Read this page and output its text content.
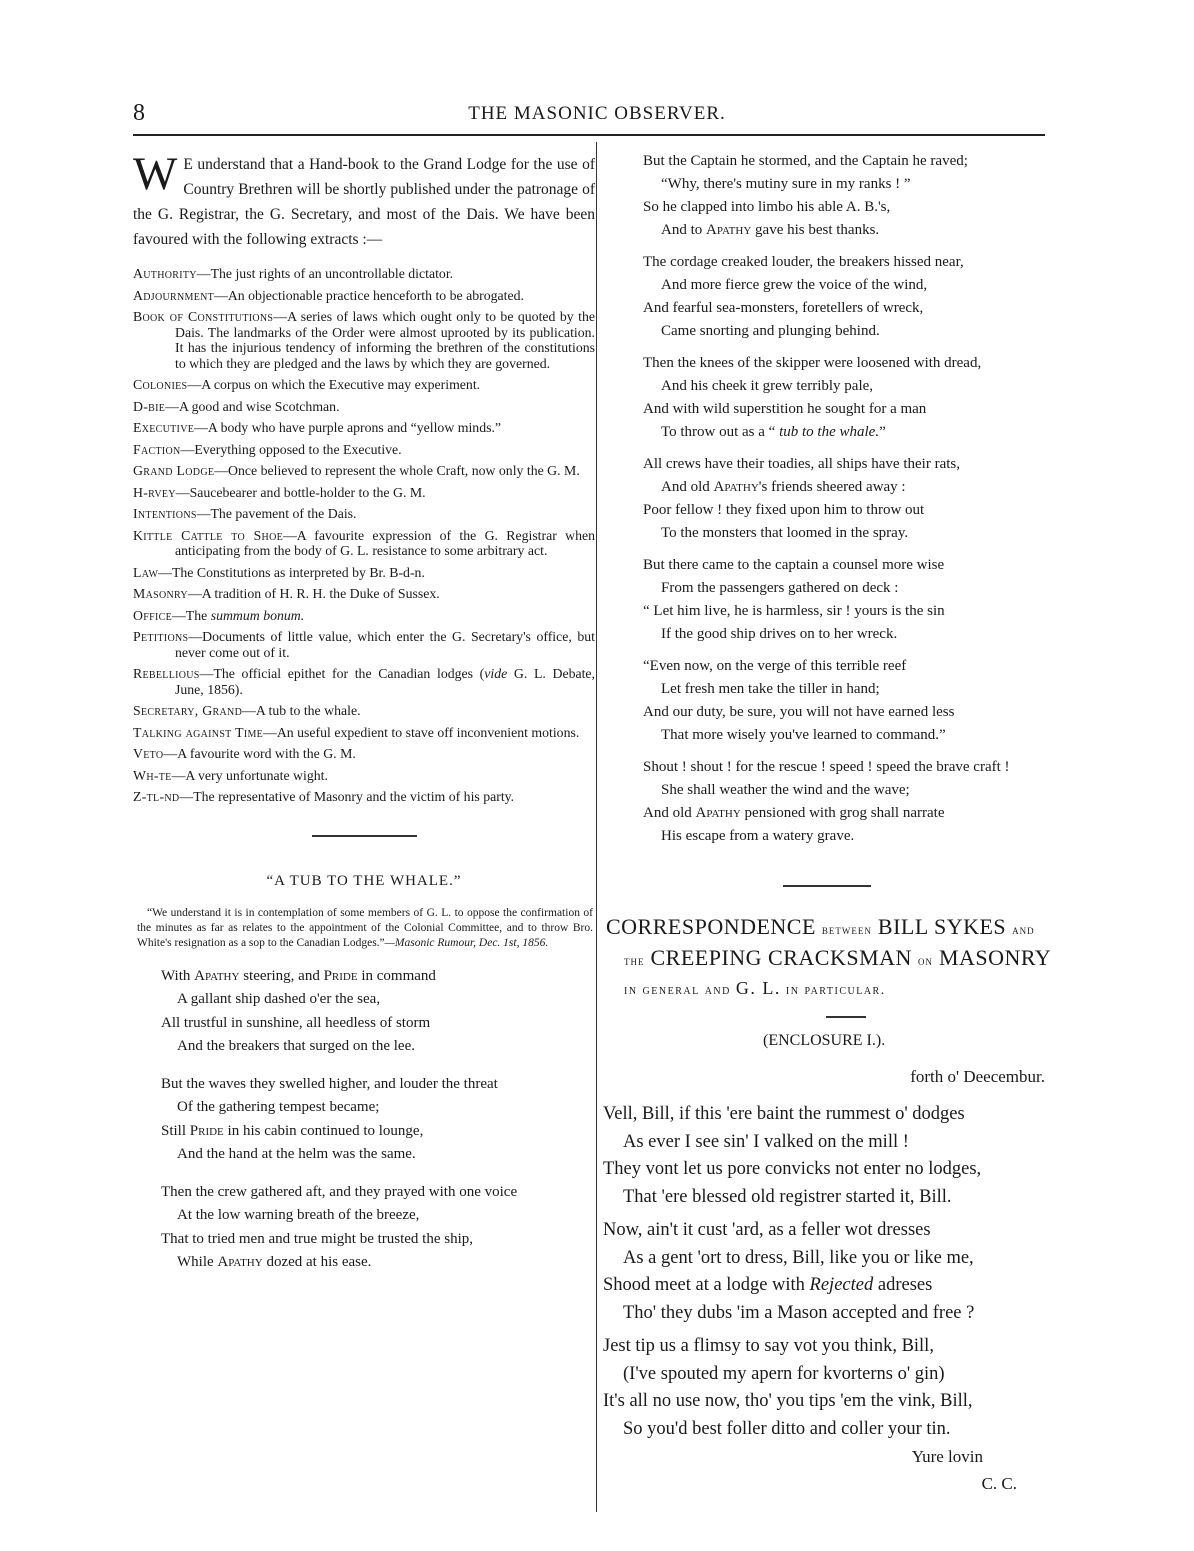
8	THE MASONIC OBSERVER.

W E understand that a Hand-book to the Grand Lodge for the use of Country Brethren will be shortly published under the patronage of the G. Registrar, the G. Secretary, and most of the Dais. We have been favoured with the following extracts :—

Authority—The just rights of an uncontrollable dictator.

Adjournment—An objectionable practice henceforth to be abrogated.

Book of Constitutions—A series of laws which ought only to be quoted by the Dais. The landmarks of the Order were almost uprooted by its publication. It has the injurious tendency of informing the brethren of the constitutions to which they are pledged and the laws by which they are governed.

Colonies—A corpus on which the Executive may experiment.

D-bie—A good and wise Scotchman.

Executive—A body who have purple aprons and “yellow minds.”

Faction—Everything opposed to the Executive.

Grand Lodge—Once believed to represent the whole Craft, now only the G. M.

H-rvey—Saucebearer and bottle-holder to the G. M.

Intentions—The pavement of the Dais.

Kittle Cattle to Shoe—A favourite expression of the G. Registrar when anticipating from the body of G. L. resistance to some arbitrary act.

Law—The Constitutions as interpreted by Br. B-d-n.

Masonry—A tradition of H. R. H. the Duke of Sussex.

Office—The summum bonum.

Petitions—Documents of little value, which enter the G. Secretary's office, but never come out of it.

Rebellious—The official epithet for the Canadian lodges (vide G. L. Debate, June, 1856).

Secretary, Grand—A tub to the whale.

Talking against Time—An useful expedient to stave off inconvenient motions.

Veto—A favourite word with the G. M.

Wh-te—A very unfortunate wight.

Z-tl-nd—The representative of Masonry and the victim of his party.

“A TUB TO THE WHALE.”

“We understand it is in contemplation of some members of G. L. to oppose the confirmation of the minutes as far as relates to the appointment of the Colonial Committee, and to throw Bro. White's resignation as a sop to the Canadian Lodges.”—Masonic Rumour, Dec. 1st, 1856.

With Apathy steering, and Pride in command
A gallant ship dashed o'er the sea,
All trustful in sunshine, all heedless of storm
And the breakers that surged on the lee.
But the waves they swelled higher, and louder the threat
Of the gathering tempest became;
Still Pride in his cabin continued to lounge,
And the hand at the helm was the same.
Then the crew gathered aft, and they prayed with one voice
At the low warning breath of the breeze,
That to tried men and true might be trusted the ship,
While Apathy dozed at his ease.
But the Captain he stormed, and the Captain he raved;
“Why, there's mutiny sure in my ranks ! ”
So he clapped into limbo his able A. B.'s,
And to Apathy gave his best thanks.
The cordage creaked louder, the breakers hissed near,
And more fierce grew the voice of the wind,
And fearful sea-monsters, foretellers of wreck,
Came snorting and plunging behind.
Then the knees of the skipper were loosened with dread,
And his cheek it grew terribly pale,
And with wild superstition he sought for a man
To throw out as a “ tub to the whale.”
All crews have their toadies, all ships have their rats,
And old Apathy's friends sheered away :
Poor fellow ! they fixed upon him to throw out
To the monsters that loomed in the spray.
But there came to the captain a counsel more wise
From the passengers gathered on deck :
“ Let him live, he is harmless, sir ! yours is the sin
If the good ship drives on to her wreck.
“Even now, on the verge of this terrible reef
Let fresh men take the tiller in hand;
And our duty, be sure, you will not have earned less
That more wisely you've learned to command.”
Shout ! shout ! for the rescue ! speed ! speed the brave craft !
She shall weather the wind and the wave;
And old Apathy pensioned with grog shall narrate
His escape from a watery grave.
CORRESPONDENCE between BILL SYKES and
the CREEPING CRACKSMAN on MASONRY
in general and G. L. in particular.
(ENCLOSURE I.).
forth o' Deecembur.
Vell, Bill, if this 'ere baint the rummest o' dodges
As ever I see sin' I valked on the mill !
They vont let us pore convicks not enter no lodges,
That 'ere blessed old registrer started it, Bill.
Now, ain't it cust 'ard, as a feller wot dresses
As a gent 'ort to dress, Bill, like you or like me,
Shood meet at a lodge with Rejected adreses
Tho' they dubs 'im a Mason accepted and free ?
Jest tip us a flimsy to say vot you think, Bill,
(I've spouted my apern for kvorterns o' gin)
It's all no use now, tho' you tips 'em the vink, Bill,
So you'd best foller ditto and coller your tin.
Yure lovin
C. C.
